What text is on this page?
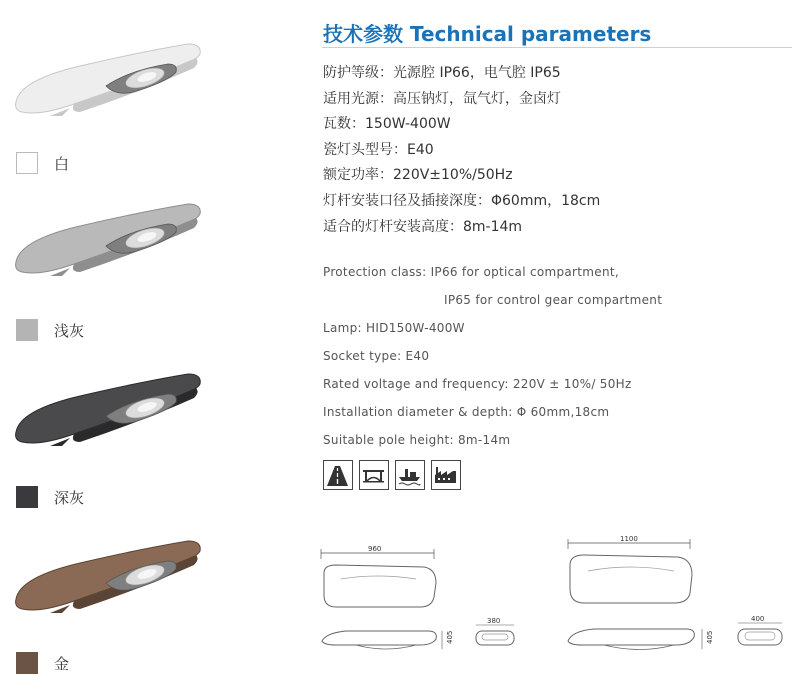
白
浅灰
深灰
金
技术参数 Technical parameters
防护等级：光源腔 IP66，电气腔 IP65
适用光源：高压钠灯，氙气灯，金卤灯
瓦数：150W-400W
瓷灯头型号：E40
额定功率：220V±10%/50Hz
灯杆安装口径及插接深度：Φ60mm，18cm
适合的灯杆安装高度：8m-14m
Protection class: IP66 for optical compartment,
IP65 for control gear compartment
Lamp: HID150W-400W
Socket type: E40
Rated voltage and frequency: 220V ± 10%/ 50Hz
Installation diameter & depth: Φ 60mm,18cm
Suitable pole height: 8m-14m
960
405
380
1100
405
400
